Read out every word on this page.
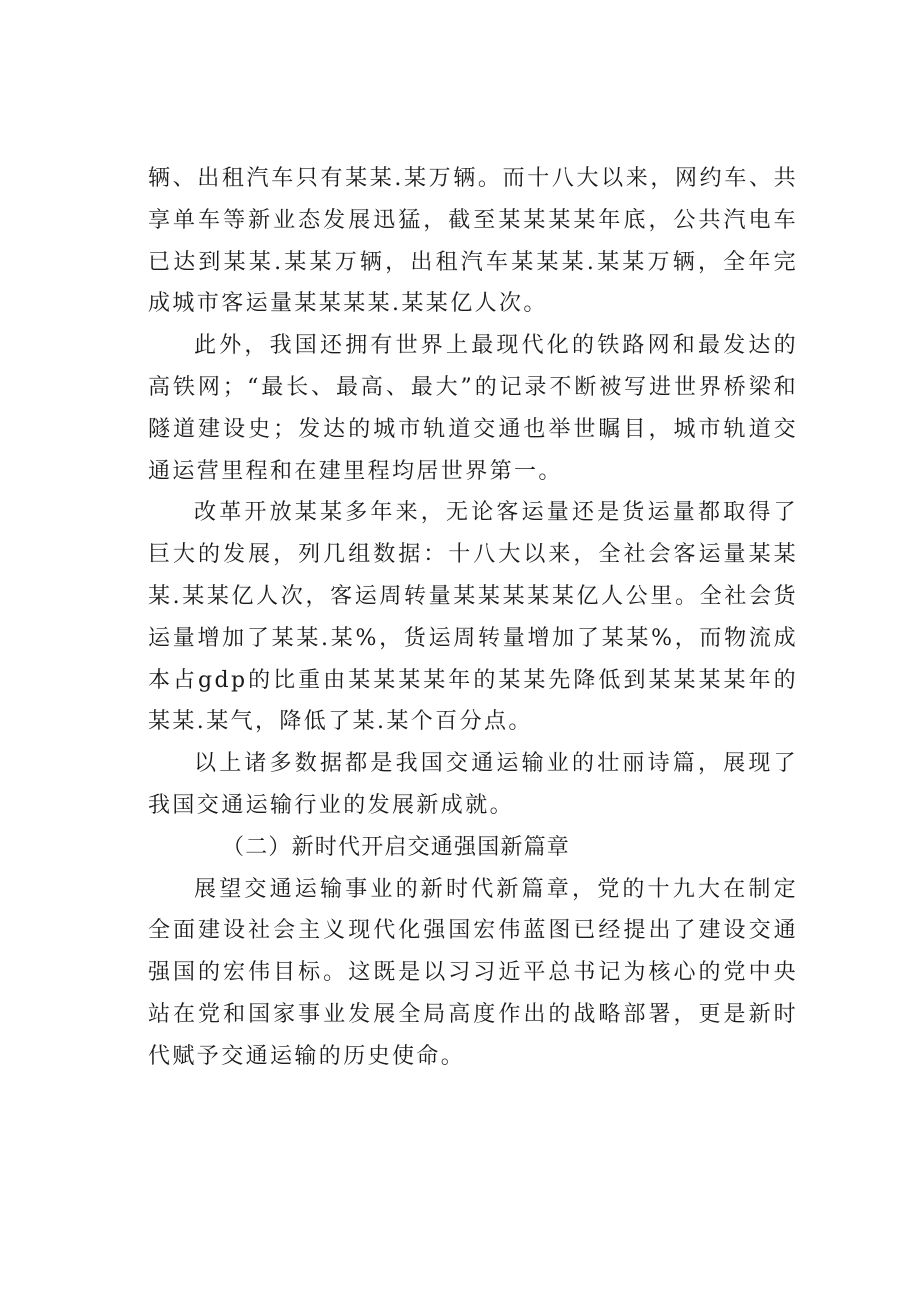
辆、出租汽车只有某某.某万辆。而十八大以来，网约车、共享单车等新业态发展迅猛，截至某某某某年底，公共汽电车已达到某某.某某万辆，出租汽车某某某.某某万辆，全年完成城市客运量某某某某.某某亿人次。

此外，我国还拥有世界上最现代化的铁路网和最发达的高铁网；“最长、最高、最大”的记录不断被写进世界桥梁和隧道建设史；发达的城市轨道交通也举世瞩目，城市轨道交通运营里程和在建里程均居世界第一。

改革开放某某多年来，无论客运量还是货运量都取得了巨大的发展，列几组数据：十八大以来，全社会客运量某某某.某某亿人次，客运周转量某某某某某亿人公里。全社会货运量增加了某某.某%，货运周转量增加了某某%，而物流成本占gdp的比重由某某某某年的某某先降低到某某某某年的某某.某气，降低了某.某个百分点。

以上诸多数据都是我国交通运输业的壮丽诗篇，展现了我国交通运输行业的发展新成就。

（二）新时代开启交通强国新篇章

展望交通运输事业的新时代新篇章，党的十九大在制定全面建设社会主义现代化强国宏伟蓝图已经提出了建设交通强国的宏伟目标。这既是以习习近平总书记为核心的党中央站在党和国家事业发展全局高度作出的战略部署，更是新时代赋予交通运输的历史使命。
